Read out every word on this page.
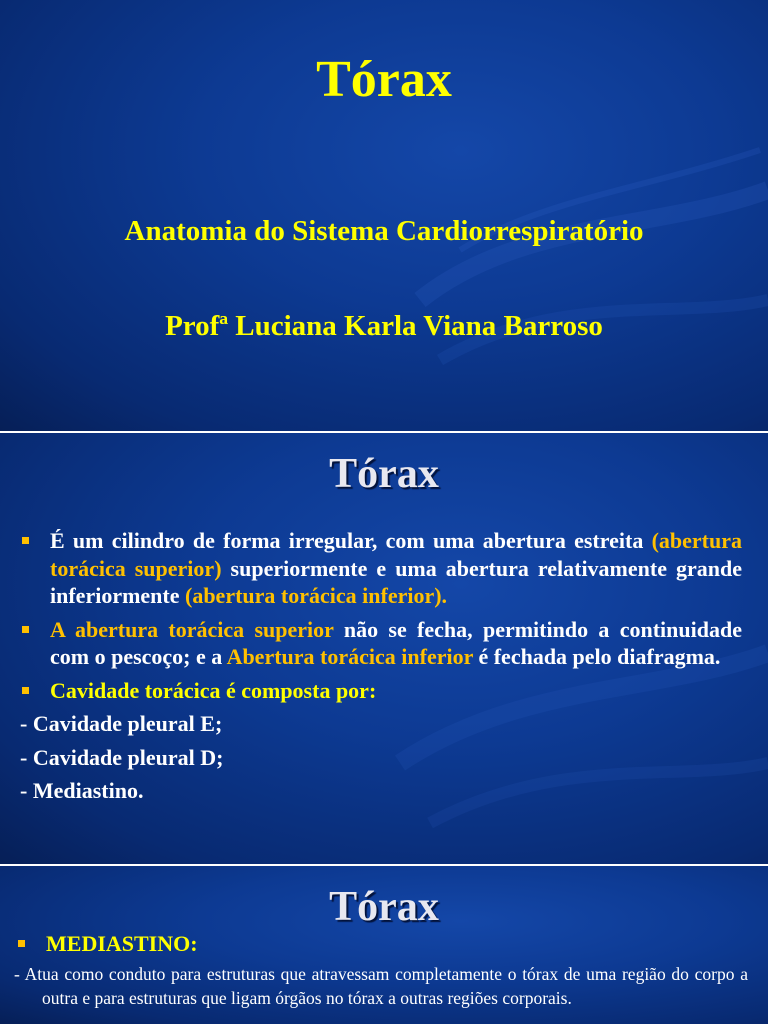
Tórax

Anatomia do Sistema Cardiorrespiratório

Profª Luciana Karla Viana Barroso

Tórax
É um cilindro de forma irregular, com uma abertura estreita (abertura torácica superior) superiormente e uma abertura relativamente grande inferiormente (abertura torácica inferior).
A abertura torácica superior não se fecha, permitindo a continuidade com o pescoço; e a Abertura torácica inferior é fechada pelo diafragma.
Cavidade torácica é composta por:
- Cavidade pleural E;
- Cavidade pleural D;
- Mediastino.
Tórax
MEDIASTINO:

- Atua como conduto para estruturas que atravessam completamente o tórax de uma região do corpo a outra e para estruturas que ligam órgãos no tórax a outras regiões corporais.
